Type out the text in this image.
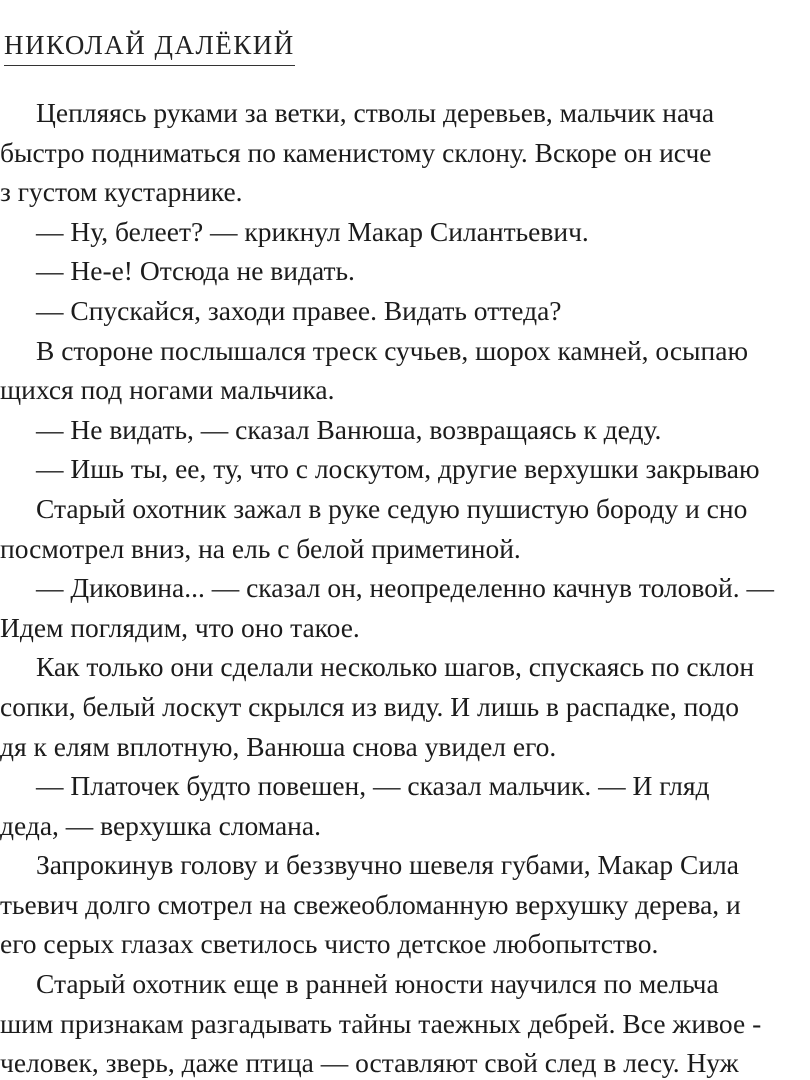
НИКОЛАЙ ДАЛЁКИЙ
Цепляясь руками за ветки, стволы деревьев, мальчик нача
быстро подниматься по каменистому склону. Вскоре он исче
з густом кустарнике.
— Ну, белеет? — крикнул Макар Силантьевич.
— Не-е! Отсюда не видать.
— Спускайся, заходи правее. Видать оттеда?
В стороне послышался треск сучьев, шорох камней, осыпаю
щихся под ногами мальчика.
— Не видать, — сказал Ванюша, возвращаясь к деду.
— Ишь ты, ее, ту, что с лоскутом, другие верхушки закрываю
Старый охотник зажал в руке седую пушистую бороду и сно
посмотрел вниз, на ель с белой приметиной.
— Диковина... — сказал он, неопределенно качнув толовой. —
Идем поглядим, что оно такое.
Как только они сделали несколько шагов, спускаясь по склон
сопки, белый лоскут скрылся из виду. И лишь в распадке, подо
дя к елям вплотную, Ванюша снова увидел его.
— Платочек будто повешен, — сказал мальчик. — И гляд
деда, — верхушка сломана.
Запрокинув голову и беззвучно шевеля губами, Макар Сила
тьевич долго смотрел на свежеобломанную верхушку дерева, и
его серых глазах светилось чисто детское любопытство.
Старый охотник еще в ранней юности научился по мельча
шим признакам разгадывать тайны таежных дебрей. Все живое -
человек, зверь, даже птица — оставляют свой след в лесу. Нуж
